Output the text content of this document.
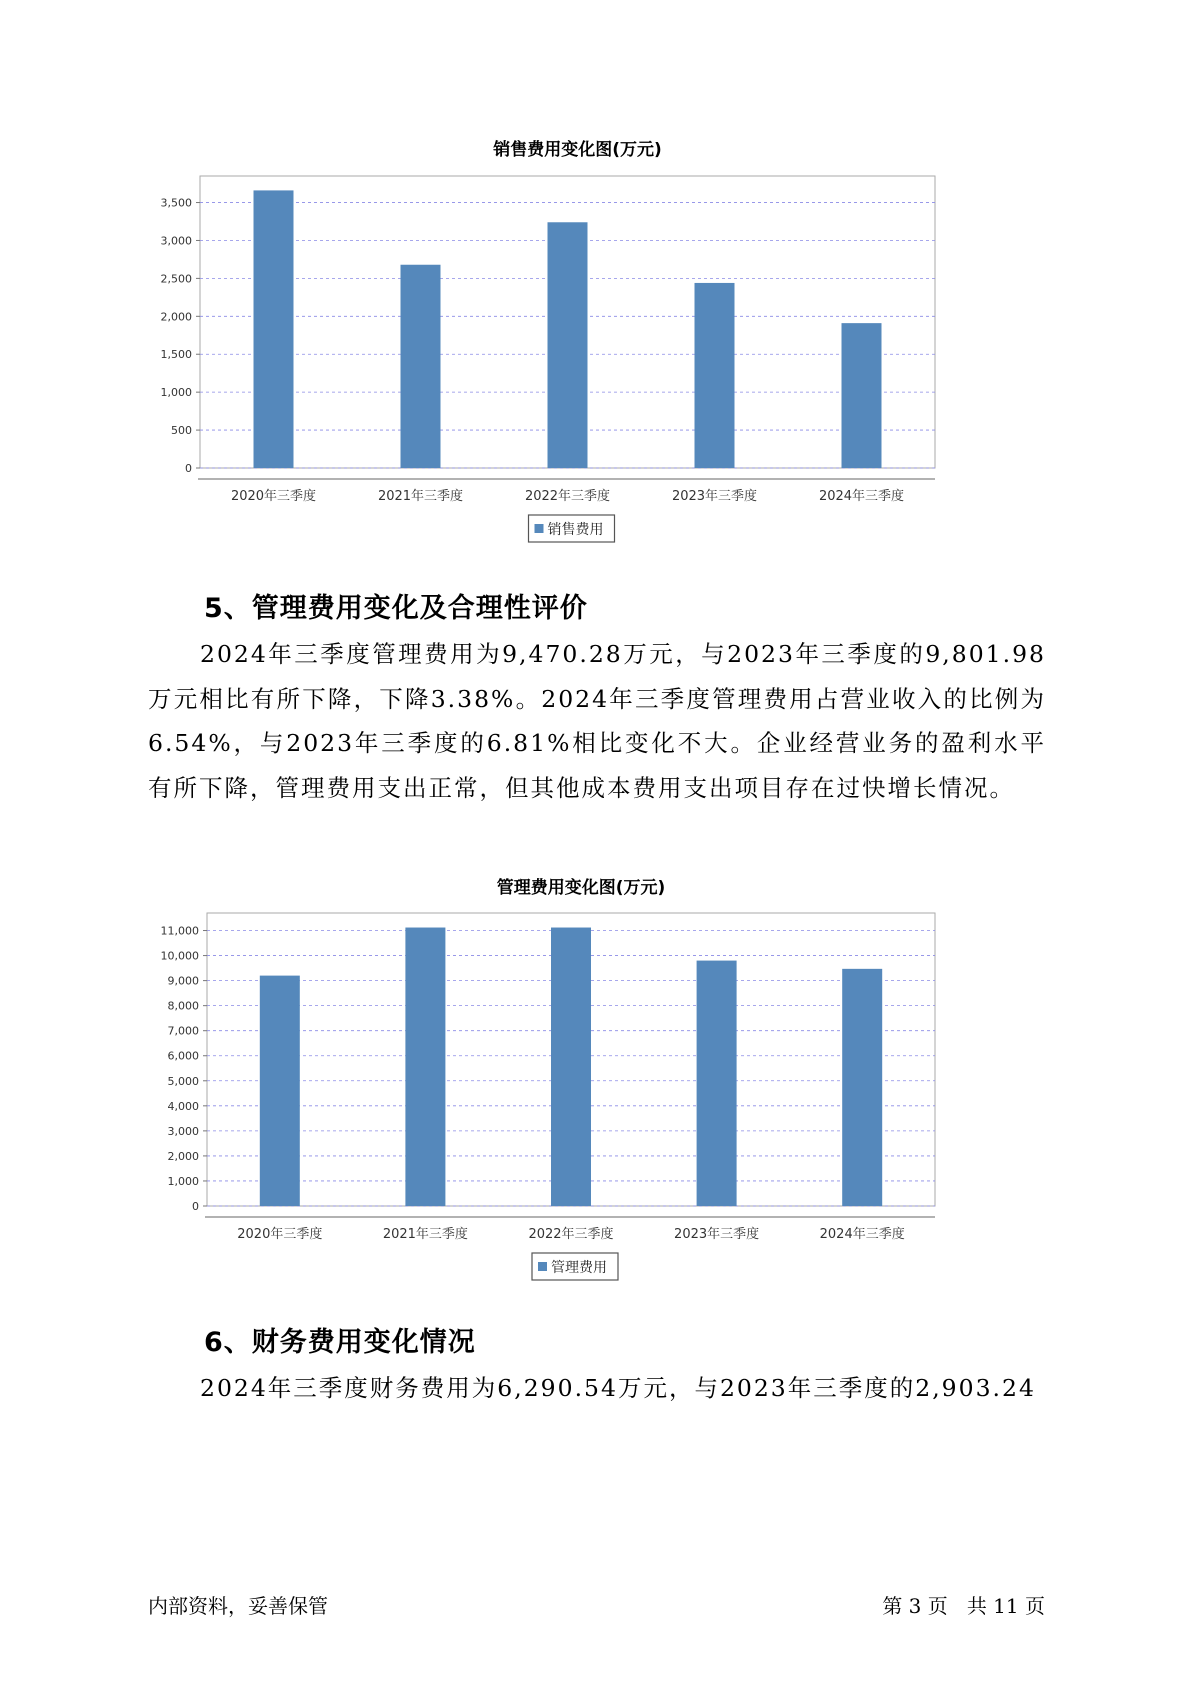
销售费用变化图(万元)
0
500
1,000
1,500
2,000
2,500
3,000
3,500
2020年三季度	2021年三季度	2022年三季度	2023年三季度	2024年三季度
销售费用
5、管理费用变化及合理性评价

2024年三季度管理费用为9,470.28万元，与2023年三季度的9,801.98万元相比有所下降，下降3.38%。2024年三季度管理费用占营业收入的比例为6.54%，与2023年三季度的6.81%相比变化不大。企业经营业务的盈利水平有所下降，管理费用支出正常，但其他成本费用支出项目存在过快增长情况。

管理费用变化图(万元)
0
1,000
2,000
3,000
4,000
5,000
6,000
7,000
8,000
9,000
10,000
11,000
2020年三季度	2021年三季度	2022年三季度	2023年三季度	2024年三季度
管理费用
6、财务费用变化情况

2024年三季度财务费用为6,290.54万元，与2023年三季度的2,903.24

内部资料，妥善保管	第 3 页   共 11 页
